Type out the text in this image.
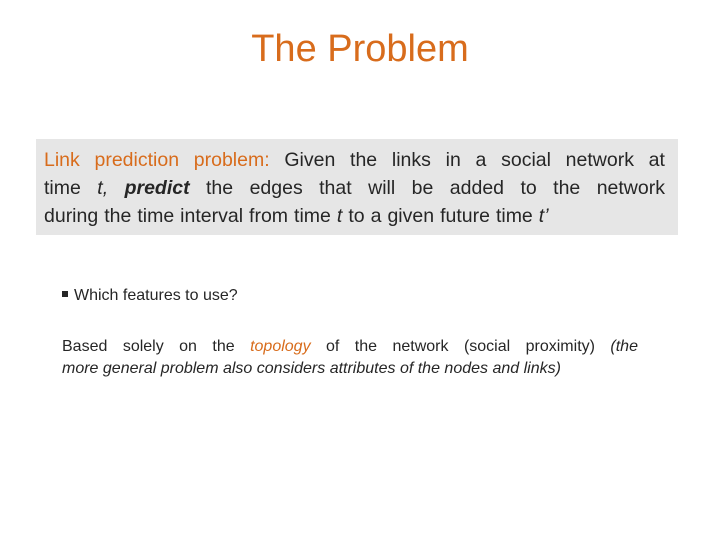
The Problem
Link prediction problem: Given the links in a social network at
time t, predict the edges that will be added to the network
during the time interval from time t to a given future time t’
Which features to use?
Based solely on the topology of the network (social proximity) (the
more general problem also considers attributes of the nodes and links)
